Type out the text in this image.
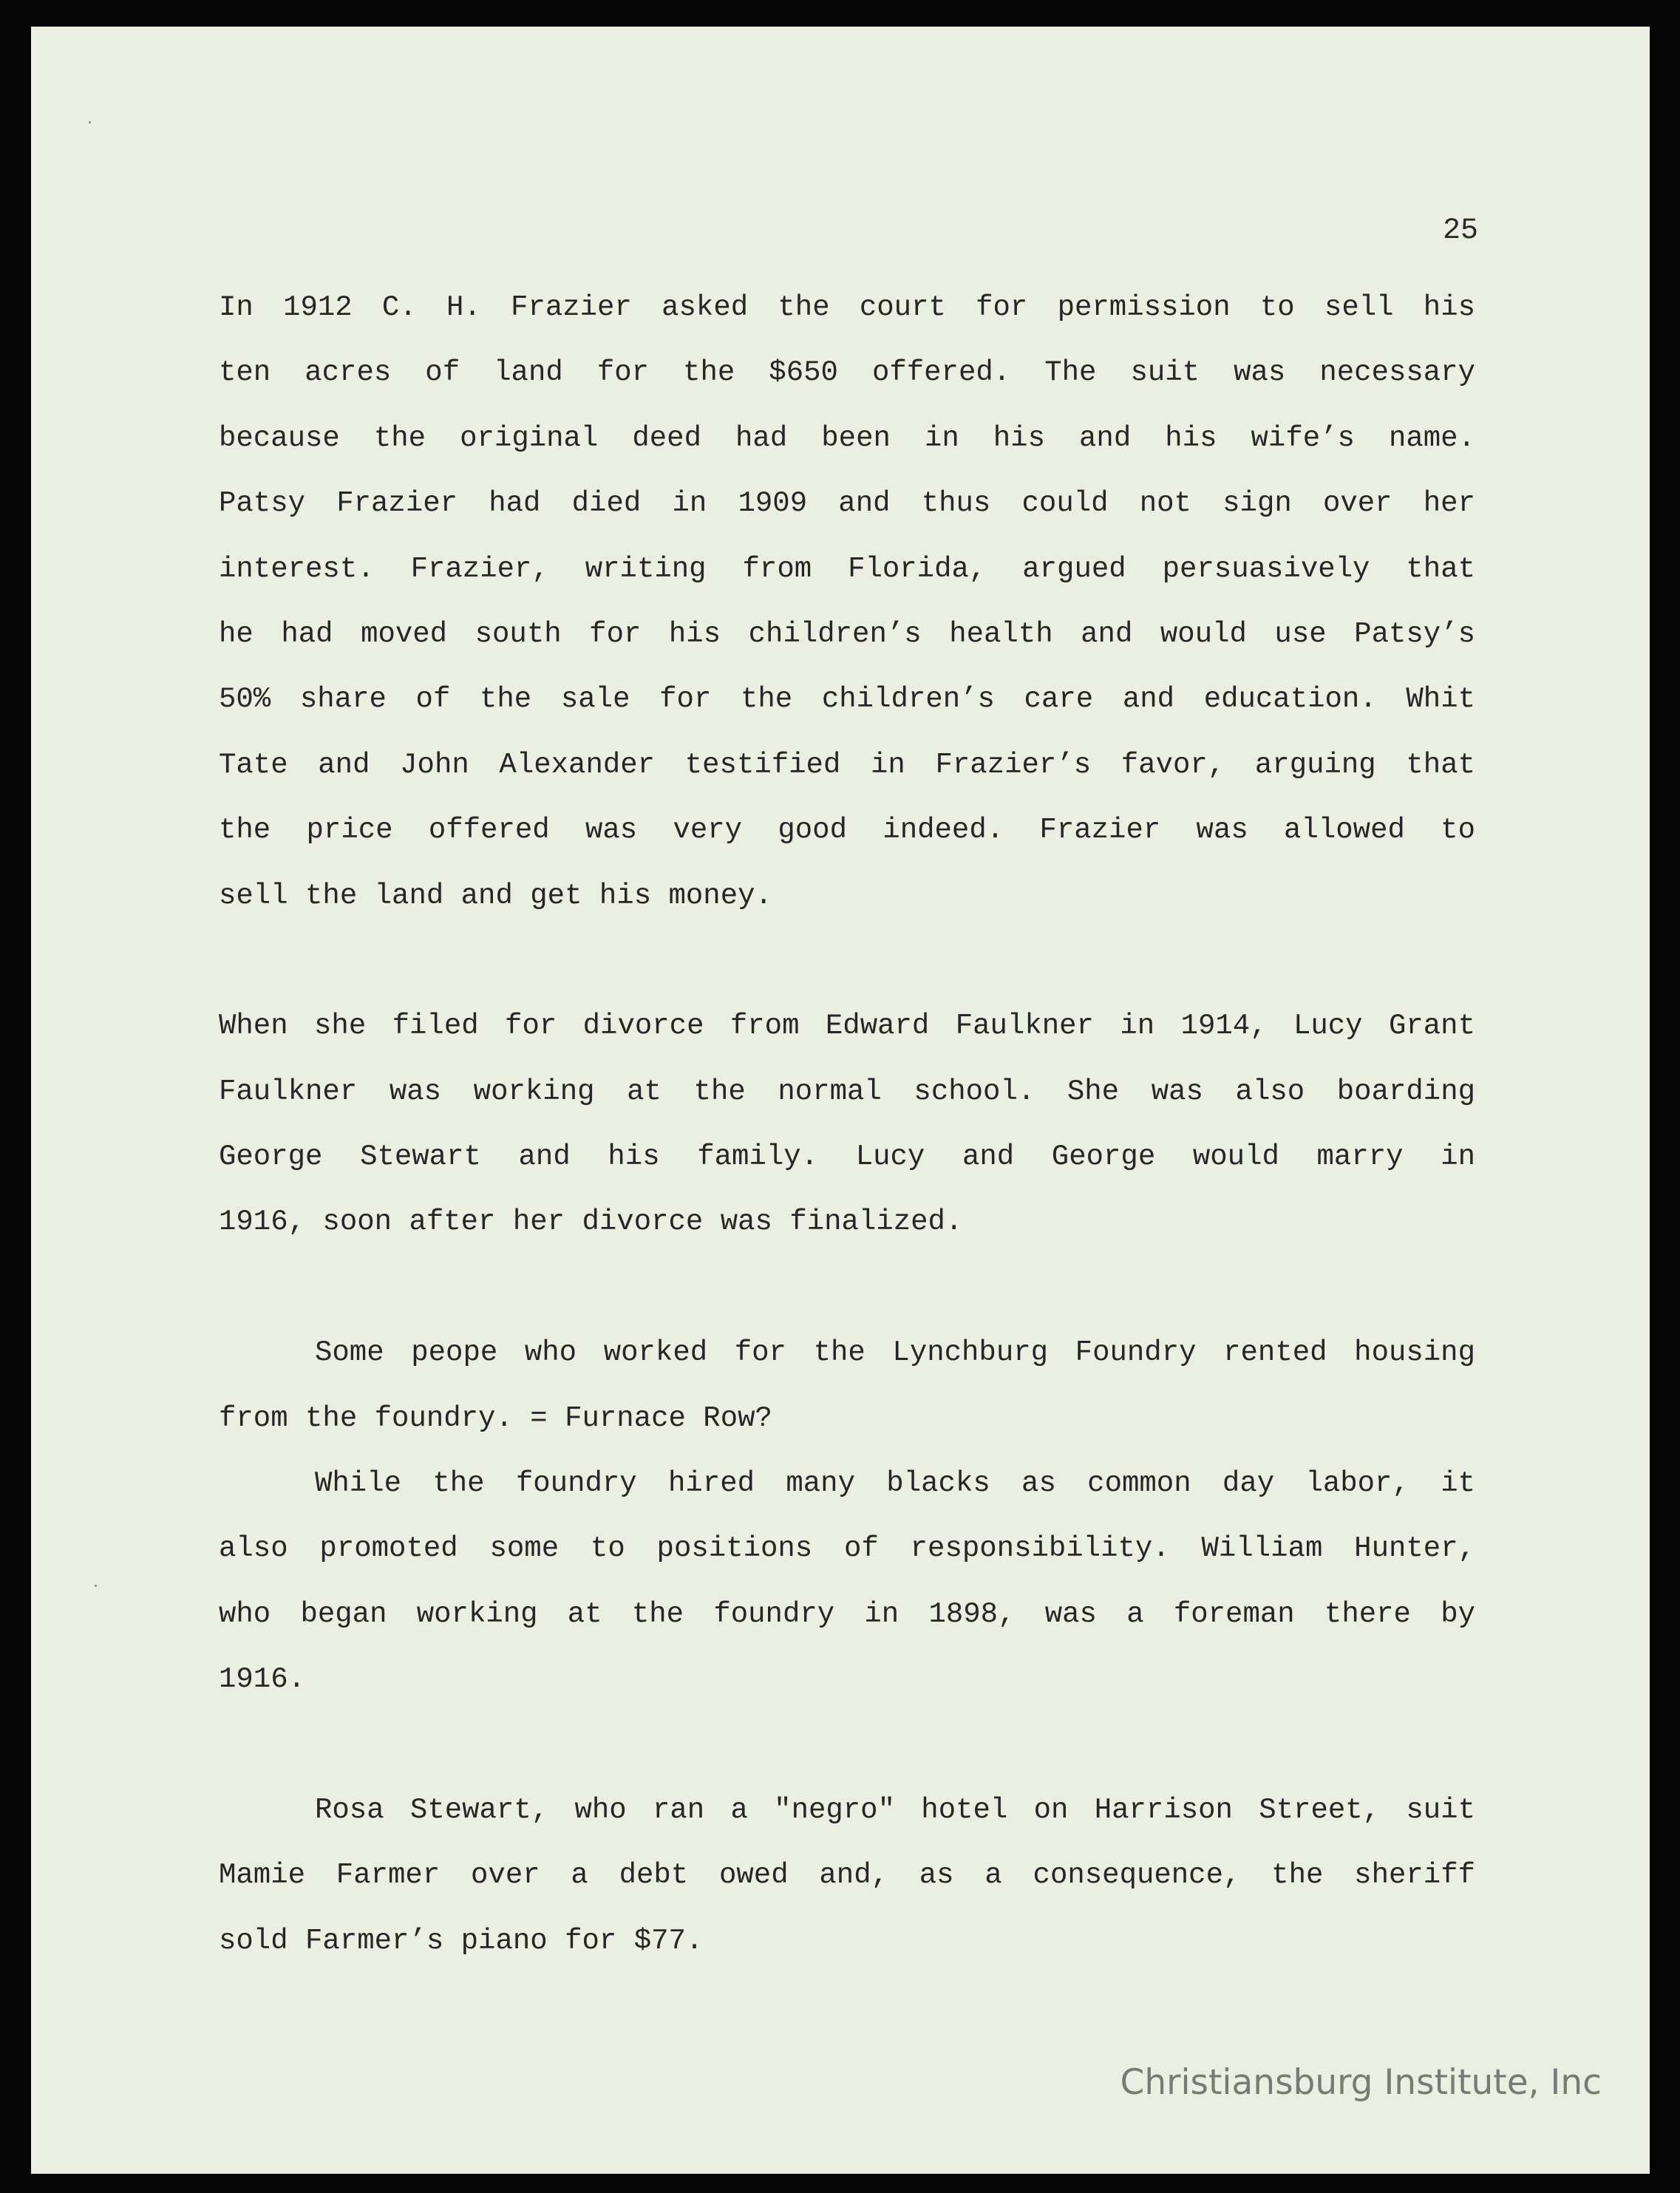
25
In 1912 C. H. Frazier asked the court for permission to sell his
ten acres of land for the $650 offered. The suit was necessary
because the original deed had been in his and his wife’s name.
Patsy Frazier had died in 1909 and thus could not sign over her
interest. Frazier, writing from Florida, argued persuasively that
he had moved south for his children’s health and would use Patsy’s
50% share of the sale for the children’s care and education. Whit
Tate and John Alexander testified in Frazier’s favor, arguing that
the price offered was very good indeed. Frazier was allowed to
sell the land and get his money.
When she filed for divorce from Edward Faulkner in 1914, Lucy Grant
Faulkner was working at the normal school. She was also boarding
George Stewart and his family. Lucy and George would marry in
1916, soon after her divorce was finalized.
Some peope who worked for the Lynchburg Foundry rented housing
from the foundry. = Furnace Row?
While the foundry hired many blacks as common day labor, it
also promoted some to positions of responsibility. William Hunter,
who began working at the foundry in 1898, was a foreman there by
1916.
Rosa Stewart, who ran a "negro" hotel on Harrison Street, suit
Mamie Farmer over a debt owed and, as a consequence, the sheriff
sold Farmer’s piano for $77.
Christiansburg Institute, Inc
